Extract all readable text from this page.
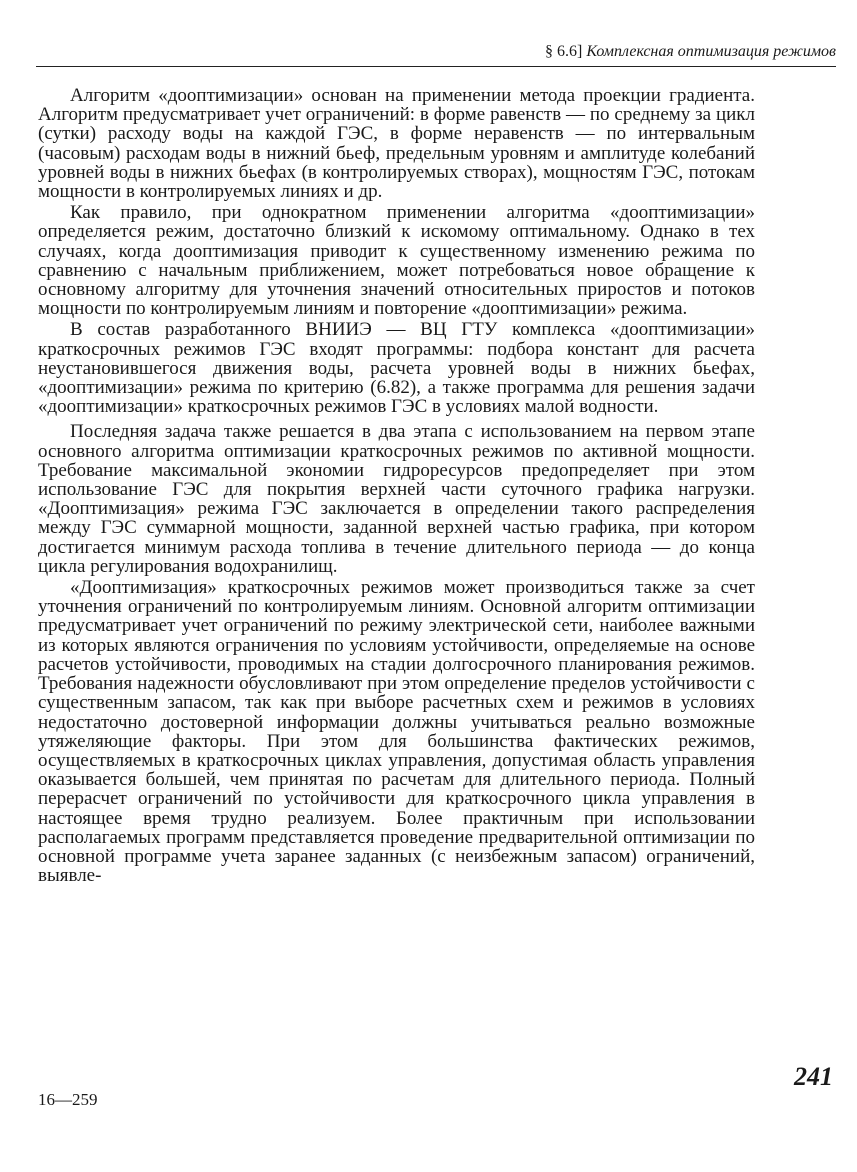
§ 6.6] Комплексная оптимизация режимов

Алгоритм «дооптимизации» основан на применении метода проекции градиента. Алгоритм предусматривает учет ограничений: в форме равенств — по среднему за цикл (сутки) расходу воды на каждой ГЭС, в форме неравенств — по интервальным (часовым) расходам воды в нижний бьеф, предельным уровням и амплитуде колебаний уровней воды в нижних бьефах (в контролируемых створах), мощностям ГЭС, потокам мощности в контролируемых линиях и др.

Как правило, при однократном применении алгоритма «дооптимизации» определяется режим, достаточно близкий к искомому оптимальному. Однако в тех случаях, когда дооптимизация приводит к существенному изменению режима по сравнению с начальным приближением, может потребоваться новое обращение к основному алгоритму для уточнения значений относительных приростов и потоков мощности по контролируемым линиям и повторение «дооптимизации» режима.

В состав разработанного ВНИИЭ — ВЦ ГТУ комплекса «дооптимизации» краткосрочных режимов ГЭС входят программы: подбора констант для расчета неустановившегося движения воды, расчета уровней воды в нижних бьефах, «дооптимизации» режима по критерию (6.82), а также программа для решения задачи «дооптимизации» краткосрочных режимов ГЭС в условиях малой водности.

Последняя задача также решается в два этапа с использованием на первом этапе основного алгоритма оптимизации краткосрочных режимов по активной мощности. Требование максимальной экономии гидроресурсов предопределяет при этом использование ГЭС для покрытия верхней части суточного графика нагрузки. «Дооптимизация» режима ГЭС заключается в определении такого распределения между ГЭС суммарной мощности, заданной верхней частью графика, при котором достигается минимум расхода топлива в течение длительного периода — до конца цикла регулирования водохранилищ.

«Дооптимизация» краткосрочных режимов может производиться также за счет уточнения ограничений по контролируемым линиям. Основной алгоритм оптимизации предусматривает учет ограничений по режиму электрической сети, наиболее важными из которых являются ограничения по условиям устойчивости, определяемые на основе расчетов устойчивости, проводимых на стадии долгосрочного планирования режимов. Требования надежности обусловливают при этом определение пределов устойчивости с существенным запасом, так как при выборе расчетных схем и режимов в условиях недостаточно достоверной информации должны учитываться реально возможные утяжеляющие факторы. При этом для большинства фактических режимов, осуществляемых в краткосрочных циклах управления, допустимая область управления оказывается большей, чем принятая по расчетам для длительного периода. Полный перерасчет ограничений по устойчивости для краткосрочного цикла управления в настоящее время трудно реализуем. Более практичным при использовании располагаемых программ представляется проведение предварительной оптимизации по основной программе учета заранее заданных (с неизбежным запасом) ограничений, выявле-

16—259
241
